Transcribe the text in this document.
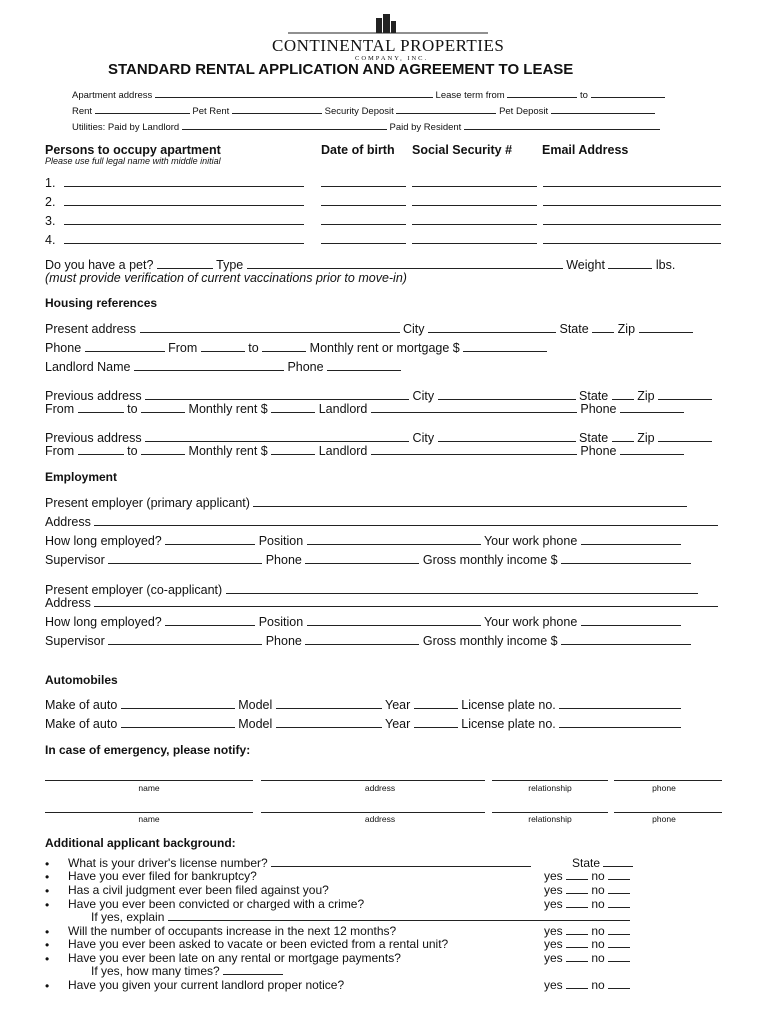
CONTINENTAL PROPERTIES
COMPANY, INC.
STANDARD RENTAL APPLICATION AND AGREEMENT TO LEASE
Apartment address	Lease term from	to
Rent	Pet Rent	Security Deposit	Pet Deposit
Utilities: Paid by Landlord	Paid by Resident
Persons to occupy apartment
Please use full legal name with middle initial
Date of birth Social Security # Email Address
1.
2.
3.
4.
Do you have a pet?	Type	Weight	lbs.
(must provide verification of current vaccinations prior to move-in)
Housing references
Present address	City	State Zip
Phone	From	to	Monthly rent or mortgage $
Landlord Name	Phone
Previous address	City	State Zip
From	to	Monthly rent $	Landlord	Phone
Previous address	City	State Zip
From	to	Monthly rent $	Landlord	Phone
Employment
Present employer (primary applicant)
Address
How long employed?	Position	Your work phone
Supervisor	Phone	Gross monthly income $
Present employer (co-applicant)
Address
How long employed?	Position	Your work phone
Supervisor	Phone	Gross monthly income $
Automobiles
Make of auto	Model	Year	License plate no.
Make of auto	Model	Year	License plate no.
In case of emergency, please notify:
name	address	relationship	phone
name	address	relationship	phone
Additional applicant background:
• What is your driver's license number?	State
• Have you ever filed for bankruptcy?	yes no
• Has a civil judgment ever been filed against you?	yes no
• Have you ever been convicted or charged with a crime?	yes no
If yes, explain
• Will the number of occupants increase in the next 12 months?	yes no
• Have you ever been asked to vacate or been evicted from a rental unit?	yes no
• Have you ever been late on any rental or mortgage payments?	yes no
If yes, how many times?
• Have you given your current landlord proper notice?	yes no
